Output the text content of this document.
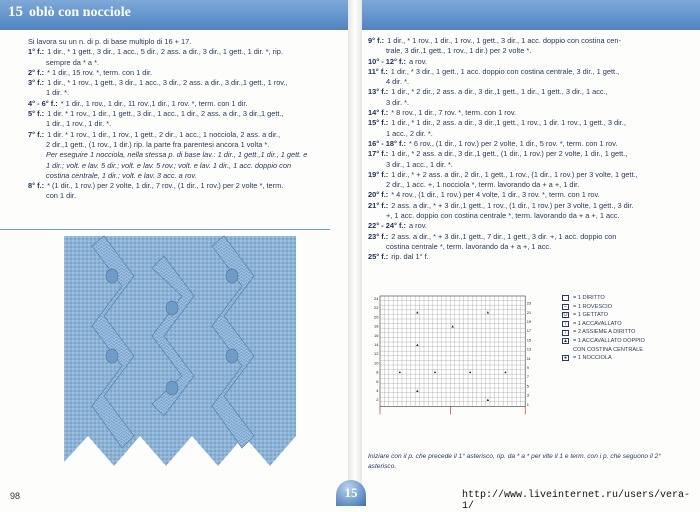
15 oblò con nocciole
Si lavora su un n. di p. di base multiplo di 16 + 17.
1° f.: 1 dir., * 1 gett., 3 dir., 1 acc., 5 dir., 2 ass. a dir., 3 dir., 1 gett., 1 dir. *, rip.
sempre da * a *.
2° f.: * 1 dir., 15 rov. *, term. con 1 dir.
3° f.: 1 dir., * 1 rov., 1 gett., 3 dir., 1 acc., 3 dir., 2 ass. a dir., 3 dir.,1 gett., 1 rov.,
1 dir. *.
4° - 6° f.: * 1 dir., 1 rov., 1 dir., 11 rov.,1 dir., 1 rov. *, term. con 1 dir.
5° f.: 1 dir. * 1 rov., 1 dir., 1 gett., 3 dir., 1 acc., 1 dir., 2 ass. a dir., 3 dir.,1 gett.,
1 dir., 1 rov., 1 dir. *.
7° f.: 1 dir. * 1 rov., 1 dir., 1 rov., 1 gett., 2 dir., 1 acc., 1 nocciola, 2 ass. a dir.,
2 dir.,1 gett., (1 rov., 1 dir.) rip. la parte fra parentesi ancora 1 volta *.
Per eseguire 1 nocciola, nella stessa p. di base lav.: 1 dir., 1 gett.,1 dir., 1 gett. e
1 dir.; volt. e lav. 5 dir.; volt. e lav. 5 rov.; volt. e lav. 1 dir., 1 acc. doppio con
costina centrale, 1 dir.; volt. e lav. 3 acc. a rov.
8° f.: * (1 dir., 1 rov.) per 2 volte, 1 dir., 7 rov., (1 dir., 1 rov.) per 2 volte *, term.
con 1 dir.
9° f.: 1 dir., * 1 rov., 1 dir., 1 rov., 1 gett., 3 dir., 1 acc. doppio con costina cen-
trale, 3 dir.,1 gett., 1 rov., 1 dir.) per 2 volte *.
10° - 12° f.: a rov.
11° f.: 1 dir., * 3 dir., 1 gett., 1 acc. doppio con costina centrale, 3 dir., 1 gett.,
4 dir. *.
13° f.: 1 dir., * 2 dir., 2 ass. a dir., 3 dir.,1 gett., 1 dir., 1 gett., 3 dir., 1 acc.,
3 dir. *.
14° f.: * 8 rov., 1 dir., 7 rov. *, term. con 1 rov.
15° f.: 1 dir., * 1 dir., 2 ass. a dir., 3 dir.,1 gett., 1 rov., 1 dir. 1 rov., 1 gett., 3 dir.,
1 acc., 2 dir. *.
16° - 18° f.: * 6 rov., (1 dir., 1 rov.) per 2 volte, 1 dir., 5 rov. *, term. con 1 rov.
17° f.: 1 dir., * 2 ass. a dir., 3 dir.,1 gett., (1 dir., 1 rov.) per 2 volte, 1 dir., 1 gett.,
3 dir., 1 acc., 1 dir. *.
19° f.: 1 dir., * + 2 ass. a dir., 2 dir., 1 gett., 1 rov., (1 dir., 1 rov.) per 3 volte, 1 gett.,
2 dir., 1 acc. +, 1 nocciola *, term. lavorando da + a +, 1 dir.
20° f.: * 4 rov., (1 dir., 1 rov.) per 4 volte, 1 dir., 3 rov. *, term. con 1 rov.
21° f.: 2 ass. a dir., * + 3 dir.,1 gett., 1 rov., (1 dir., 1 rov.) per 3 volte, 1 gett., 3 dir.
+, 1 acc. doppio con costina centrale *, term. lavorando da + a +, 1 acc.
22° - 24° f.: a rov.
23° f.: 2 ass. a dir., * + 3 dir.,1 gett., 7 dir., 1 gett., 3 dir. +, 1 acc. doppio con
costina centrale *, term. lavorando da + a +, 1 acc.
25° f.: rip. dal 1° f.
▲
▲
▲
▲
●	●	●	●
▲
▲
24
22
20
18
16
14
12
10
8
6
4
2
23
21
19
17
15
13
11
9
7
5
3
1
= 1 DIRITTO
–	= 1 ROVESCIO
O = 1 GETTATO
\	= 1 ACCAVALLATO
/	= 2 ASSIEME A DIRITTO
▲ = 1 ACCAVALLATO DOPPIO
CON COSTINA CENTRALE
●	= 1 NOCCIOLA
Iniziare con il p. che precede il 1° asterisco, rip. da * a * per vlte il 1 e term. con i p. che seguono il 2° asterisco.
98	15	http://www.liveinternet.ru/users/vera-1/
